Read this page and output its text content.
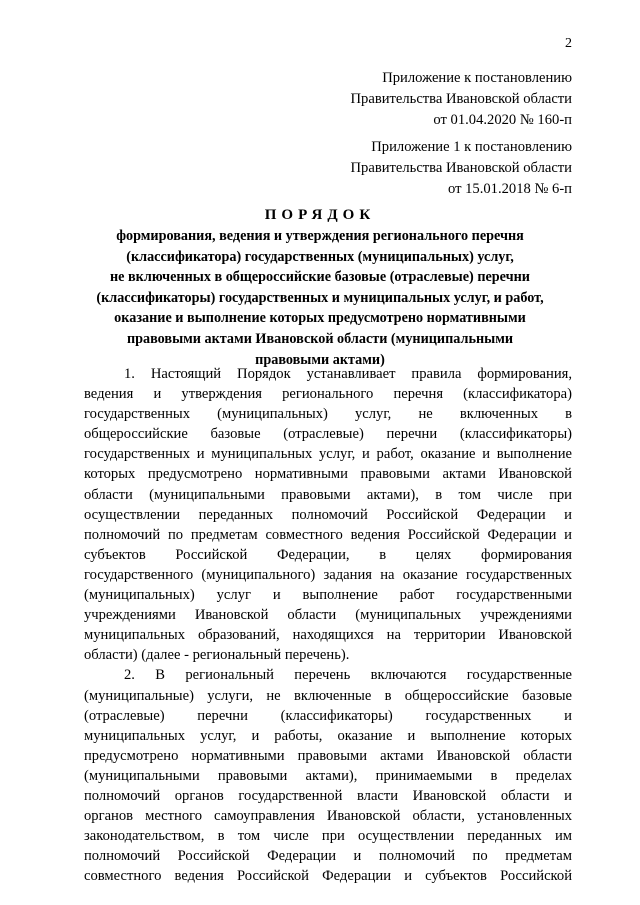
2
Приложение к постановлению
Правительства Ивановской области
от 01.04.2020 № 160-п
Приложение 1 к постановлению
Правительства Ивановской области
от 15.01.2018 № 6-п
ПОРЯДОК
формирования, ведения и утверждения регионального перечня
(классификатора) государственных (муниципальных) услуг,
не включенных в общероссийские базовые (отраслевые) перечни
(классификаторы) государственных и муниципальных услуг, и работ,
оказание и выполнение которых предусмотрено нормативными
правовыми актами Ивановской области (муниципальными
правовыми актами)
1. Настоящий Порядок устанавливает правила формирования,
ведения и утверждения регионального перечня (классификатора)
государственных (муниципальных) услуг, не включенных в
общероссийские базовые (отраслевые) перечни (классификаторы)
государственных и муниципальных услуг, и работ, оказание и выполнение
которых предусмотрено нормативными правовыми актами Ивановской
области (муниципальными правовыми актами), в том числе при
осуществлении переданных полномочий Российской Федерации и
полномочий по предметам совместного ведения Российской Федерации и
субъектов Российской Федерации, в целях формирования
государственного (муниципального) задания на оказание государственных
(муниципальных) услуг и выполнение работ государственными
учреждениями Ивановской области (муниципальных учреждениями
муниципальных образований, находящихся на территории Ивановской
области) (далее - региональный перечень).
2. В региональный перечень включаются государственные
(муниципальные) услуги, не включенные в общероссийские базовые
(отраслевые) перечни (классификаторы) государственных и
муниципальных услуг, и работы, оказание и выполнение которых
предусмотрено нормативными правовыми актами Ивановской области
(муниципальными правовыми актами), принимаемыми в пределах
полномочий органов государственной власти Ивановской области и
органов местного самоуправления Ивановской области, установленных
законодательством, в том числе при осуществлении переданных им
полномочий Российской Федерации и полномочий по предметам
совместного ведения Российской Федерации и субъектов Российской
